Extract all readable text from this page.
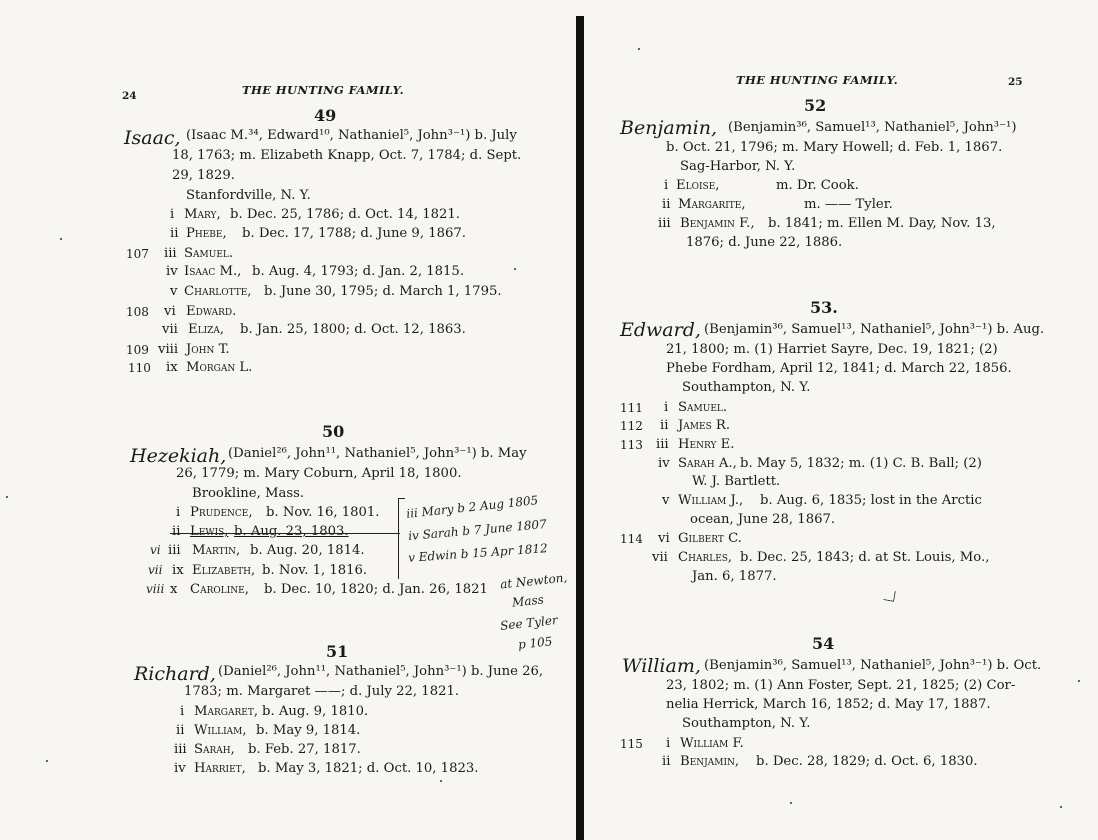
24	THE HUNTING FAMILY.
49
Isaac, (Isaac M.³⁴, Edward¹⁰, Nathaniel⁵, John³⁻¹) b. July
18, 1763; m. Elizabeth Knapp, Oct. 7, 1784; d. Sept.
29, 1829.
Stanfordville, N. Y.
i Mary, b. Dec. 25, 1786; d. Oct. 14, 1821.
ii Phebe, b. Dec. 17, 1788; d. June 9, 1867.
107 iii Samuel.
iv Isaac M., b. Aug. 4, 1793; d. Jan. 2, 1815.
v Charlotte, b. June 30, 1795; d. March 1, 1795.
108 vi Edward.
vii Eliza, b. Jan. 25, 1800; d. Oct. 12, 1863.
109 viii John T.
110 ix Morgan L.
50
Hezekiah, (Daniel²⁶, John¹¹, Nathaniel⁵, John³⁻¹) b. May
26, 1779; m. Mary Coburn, April 18, 1800.
Brookline, Mass.
i Prudence, b. Nov. 16, 1801.
ii Lewis, b. Aug. 23, 1803.
vi iii Martin, b. Aug. 20, 1814.
vii ix Elizabeth, b. Nov. 1, 1816.
viii x Caroline, b. Dec. 10, 1820; d. Jan. 26, 1821
iii Mary b 2 Aug 1805
iv Sarah b 7 June 1807
v Edwin b 15 Apr 1812
at Newton,
Mass
See Tyler
p 105
51
Richard, (Daniel²⁶, John¹¹, Nathaniel⁵, John³⁻¹) b. June 26,
1783; m. Margaret ——; d. July 22, 1821.
i Margaret, b. Aug. 9, 1810.
ii William, b. May 9, 1814.
iii Sarah, b. Feb. 27, 1817.
iv Harriet, b. May 3, 1821; d. Oct. 10, 1823.
THE HUNTING FAMILY.	25
52
Benjamin, (Benjamin³⁶, Samuel¹³, Nathaniel⁵, John³⁻¹)
b. Oct. 21, 1796; m. Mary Howell; d. Feb. 1, 1867.
Sag-Harbor, N. Y.
i Eloise,	m. Dr. Cook.
ii Margarite,	m. —— Tyler.
iii Benjamin F., b. 1841; m. Ellen M. Day, Nov. 13,
1876; d. June 22, 1886.
53.
Edward, (Benjamin³⁶, Samuel¹³, Nathaniel⁵, John³⁻¹) b. Aug.
21, 1800; m. (1) Harriet Sayre, Dec. 19, 1821; (2)
Phebe Fordham, April 12, 1841; d. March 22, 1856.
Southampton, N. Y.
111 i Samuel.
112 ii James R.
113 iii Henry E.
iv Sarah A., b. May 5, 1832; m. (1) C. B. Ball; (2)
W. J. Bartlett.
v William J., b. Aug. 6, 1835; lost in the Arctic
ocean, June 28, 1867.
114 vi Gilbert C.
vii Charles, b. Dec. 25, 1843; d. at St. Louis, Mo.,
Jan. 6, 1877.
54
William, (Benjamin³⁶, Samuel¹³, Nathaniel⁵, John³⁻¹) b. Oct.
23, 1802; m. (1) Ann Foster, Sept. 21, 1825; (2) Cor-
nelia Herrick, March 16, 1852; d. May 17, 1887.
Southampton, N. Y.
115 i William F.
ii Benjamin, b. Dec. 28, 1829; d. Oct. 6, 1830.
